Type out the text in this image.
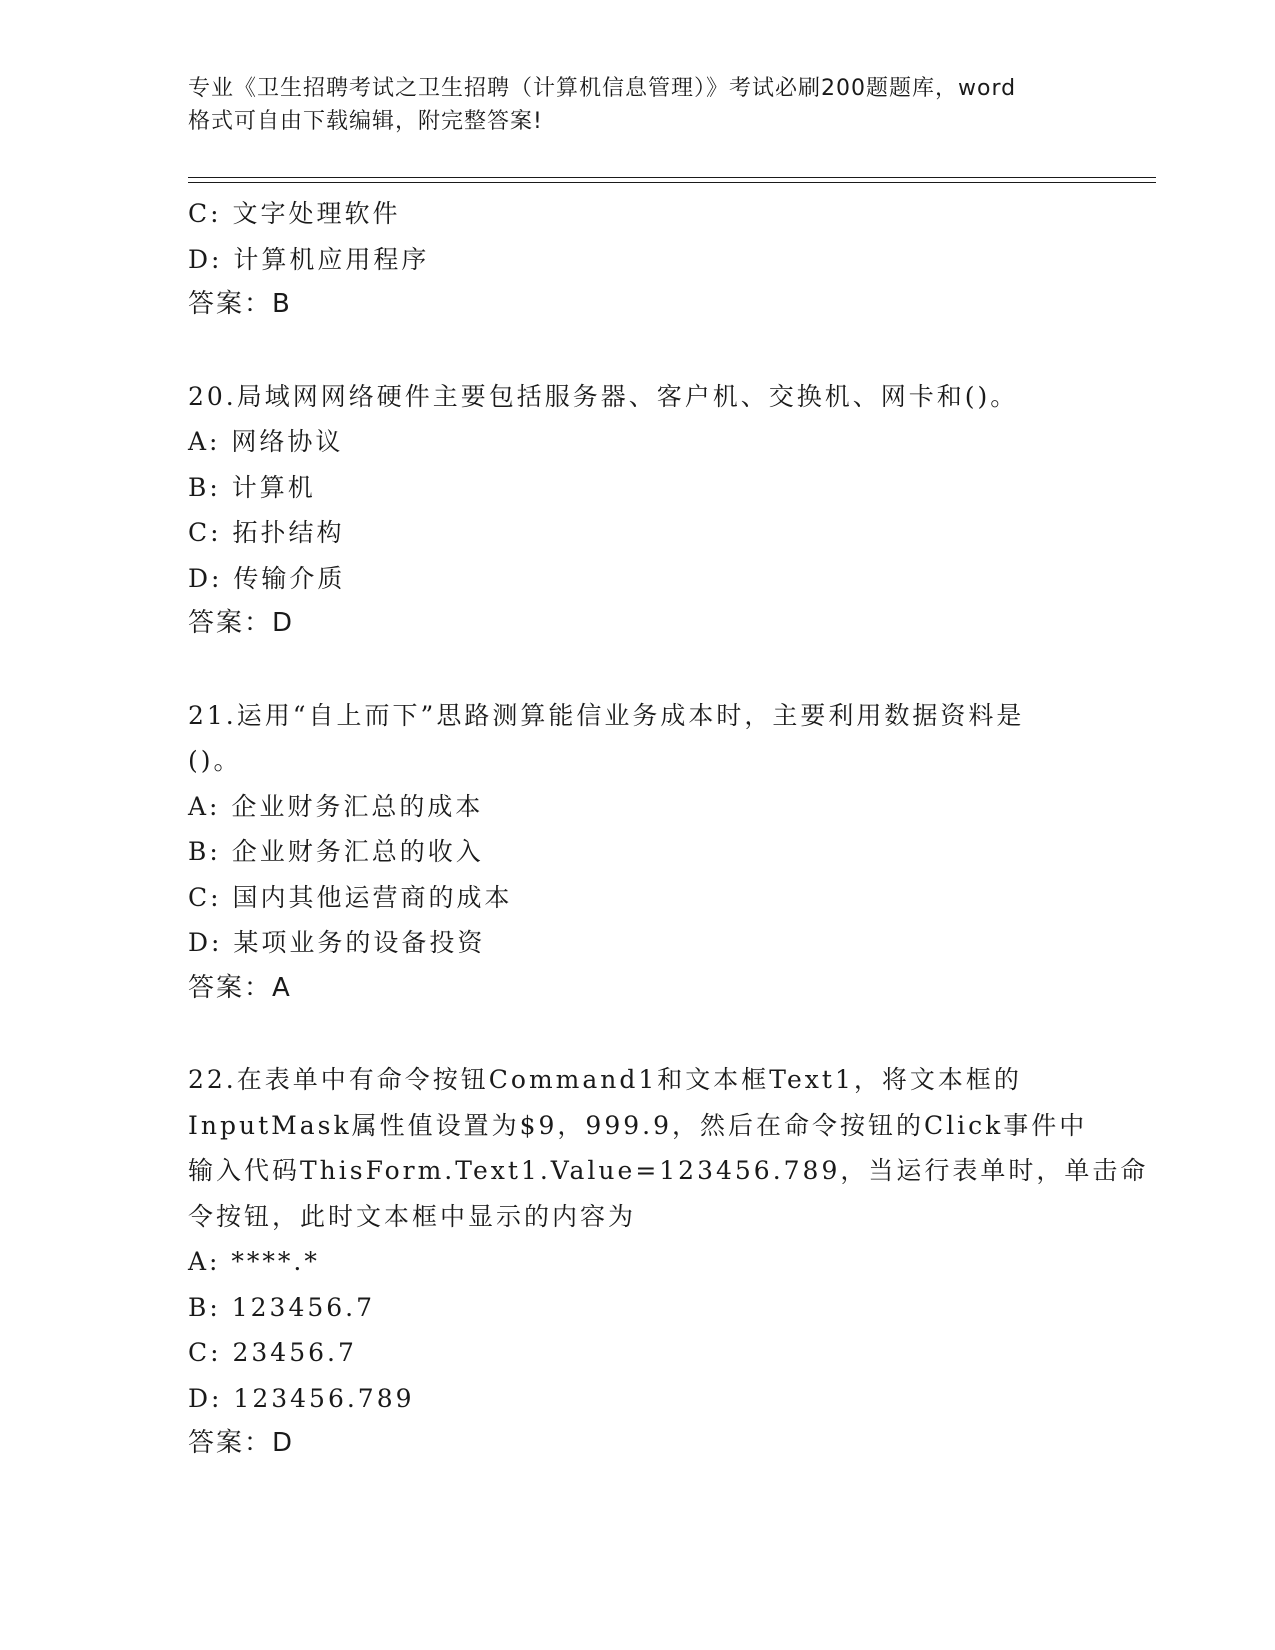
专业《卫生招聘考试之卫生招聘（计算机信息管理）》考试必刷200题题库，word
格式可自由下载编辑，附完整答案!
C: 文字处理软件
D: 计算机应用程序
答案：B
20.局域网网络硬件主要包括服务器、客户机、交换机、网卡和()。
A: 网络协议
B: 计算机
C: 拓扑结构
D: 传输介质
答案：D
21.运用“自上而下”思路测算能信业务成本时，主要利用数据资料是
()。
A: 企业财务汇总的成本
B: 企业财务汇总的收入
C: 国内其他运营商的成本
D: 某项业务的设备投资
答案：A
22.在表单中有命令按钮Command1和文本框Text1，将文本框的
InputMask属性值设置为$9，999.9，然后在命令按钮的Click事件中
输入代码ThisForm.Text1.Value=123456.789，当运行表单时，单击命
令按钮，此时文本框中显示的内容为
A: ****.*
B: 123456.7
C: 23456.7
D: 123456.789
答案：D
